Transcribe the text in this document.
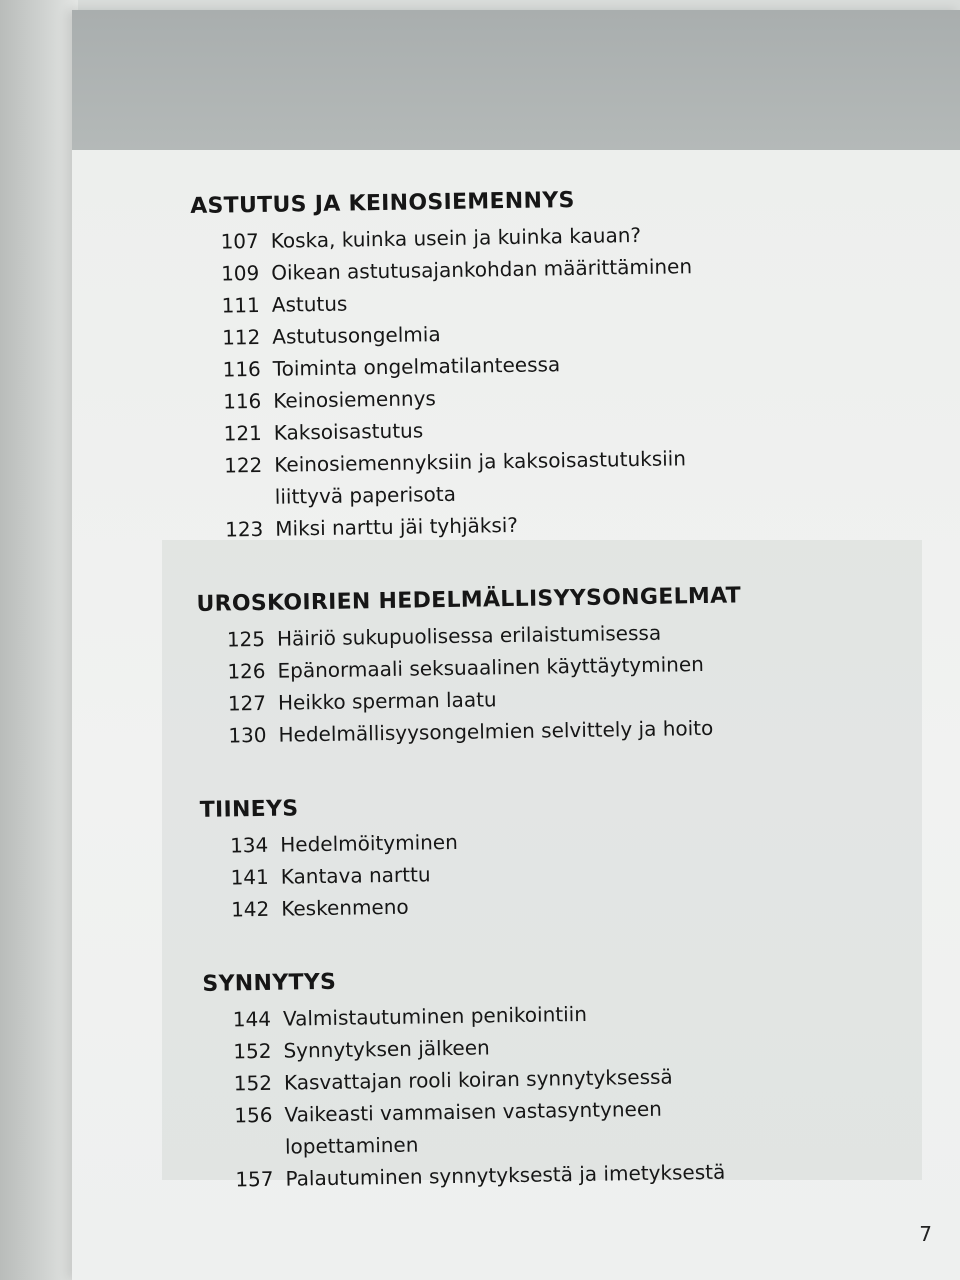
ASTUTUS JA KEINOSIEMENNYS
107 Koska, kuinka usein ja kuinka kauan?
109 Oikean astutusajankohdan määrittäminen
111 Astutus
112 Astutusongelmia
116 Toiminta ongelmatilanteessa
116 Keinosiemennys
121 Kaksoisastutus
122 Keinosiemennyksiin ja kaksoisastutuksiin liittyvä paperisota
123 Miksi narttu jäi tyhjäksi?
UROSKOIRIEN HEDELMÄLLISYYSONGELMAT
125 Häiriö sukupuolisessa erilaistumisessa
126 Epänormaali seksuaalinen käyttäytyminen
127 Heikko sperman laatu
130 Hedelmällisyysongelmien selvittely ja hoito
TIINEYS
134 Hedelmöityminen
141 Kantava narttu
142 Keskenmeno
SYNNYTYS
144 Valmistautuminen penikointiin
152 Synnytyksen jälkeen
152 Kasvattajan rooli koiran synnytyksessä
156 Vaikeasti vammaisen vastasyntyneen lopettaminen
157 Palautuminen synnytyksestä ja imetyksestä
7
